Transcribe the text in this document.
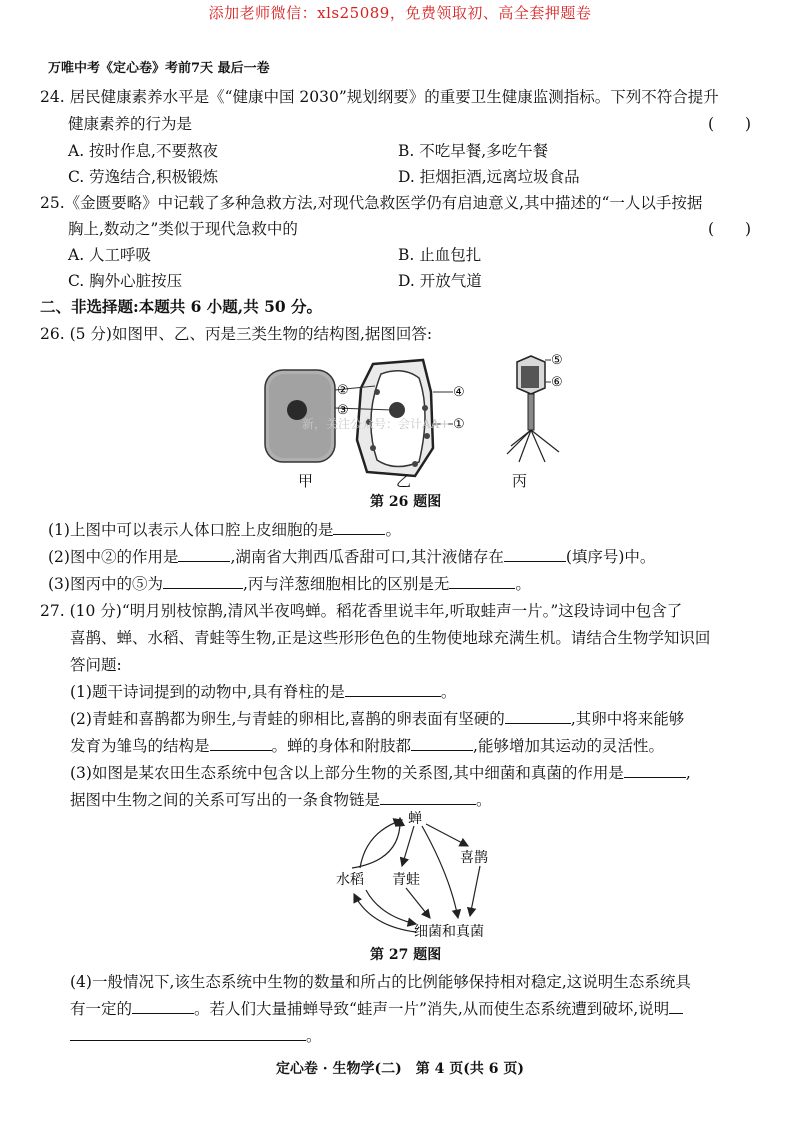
添加老师微信：xls25089，免费领取初、高全套押题卷
万唯中考《定心卷》考前7天 最后一卷
24. 居民健康素养水平是《“健康中国 2030”规划纲要》的重要卫生健康监测指标。下列不符合提升
健康素养的行为是	(　　)
A. 按时作息,不要熬夜	B. 不吃早餐,多吃午餐
C. 劳逸结合,积极锻炼	D. 拒烟拒酒,远离垃圾食品
25.《金匮要略》中记载了多种急救方法,对现代急救医学仍有启迪意义,其中描述的“一人以手按据
胸上,数动之”类似于现代急救中的	(　　)
A. 人工呼吸	B. 止血包扎
C. 胸外心脏按压	D. 开放气道
二、非选择题:本题共 6 小题,共 50 分。
26. (5 分)如图甲、乙、丙是三类生物的结构图,据图回答:
②
③
④
①
⑤
⑥
新，关注公众号：会计AA+
甲	乙	丙
第 26 题图
(1)上图中可以表示人体口腔上皮细胞的是	。
(2)图中②的作用是	,湖南省大荆西瓜香甜可口,其汁液储存在	(填序号)中。
(3)图丙中的⑤为	,丙与洋葱细胞相比的区别是无	。
27. (10 分)“明月别枝惊鹊,清风半夜鸣蝉。稻花香里说丰年,听取蛙声一片。”这段诗词中包含了
喜鹊、蝉、水稻、青蛙等生物,正是这些形形色色的生物使地球充满生机。请结合生物学知识回
答问题:
(1)题干诗词提到的动物中,具有脊柱的是	。
(2)青蛙和喜鹊都为卵生,与青蛙的卵相比,喜鹊的卵表面有坚硬的	,其卵中将来能够
发育为雏鸟的结构是	。蝉的身体和附肢都	,能够增加其运动的灵活性。
(3)如图是某农田生态系统中包含以上部分生物的关系图,其中细菌和真菌的作用是	,
据图中生物之间的关系可写出的一条食物链是	。
蝉
喜鹊
水稻 青蛙
细菌和真菌
第 27 题图
(4)一般情况下,该生态系统中生物的数量和所占的比例能够保持相对稳定,这说明生态系统具
有一定的	。若人们大量捕蝉导致“蛙声一片”消失,从而使生态系统遭到破坏,说明
。
定心卷 · 生物学(二)　第 4 页(共 6 页)
